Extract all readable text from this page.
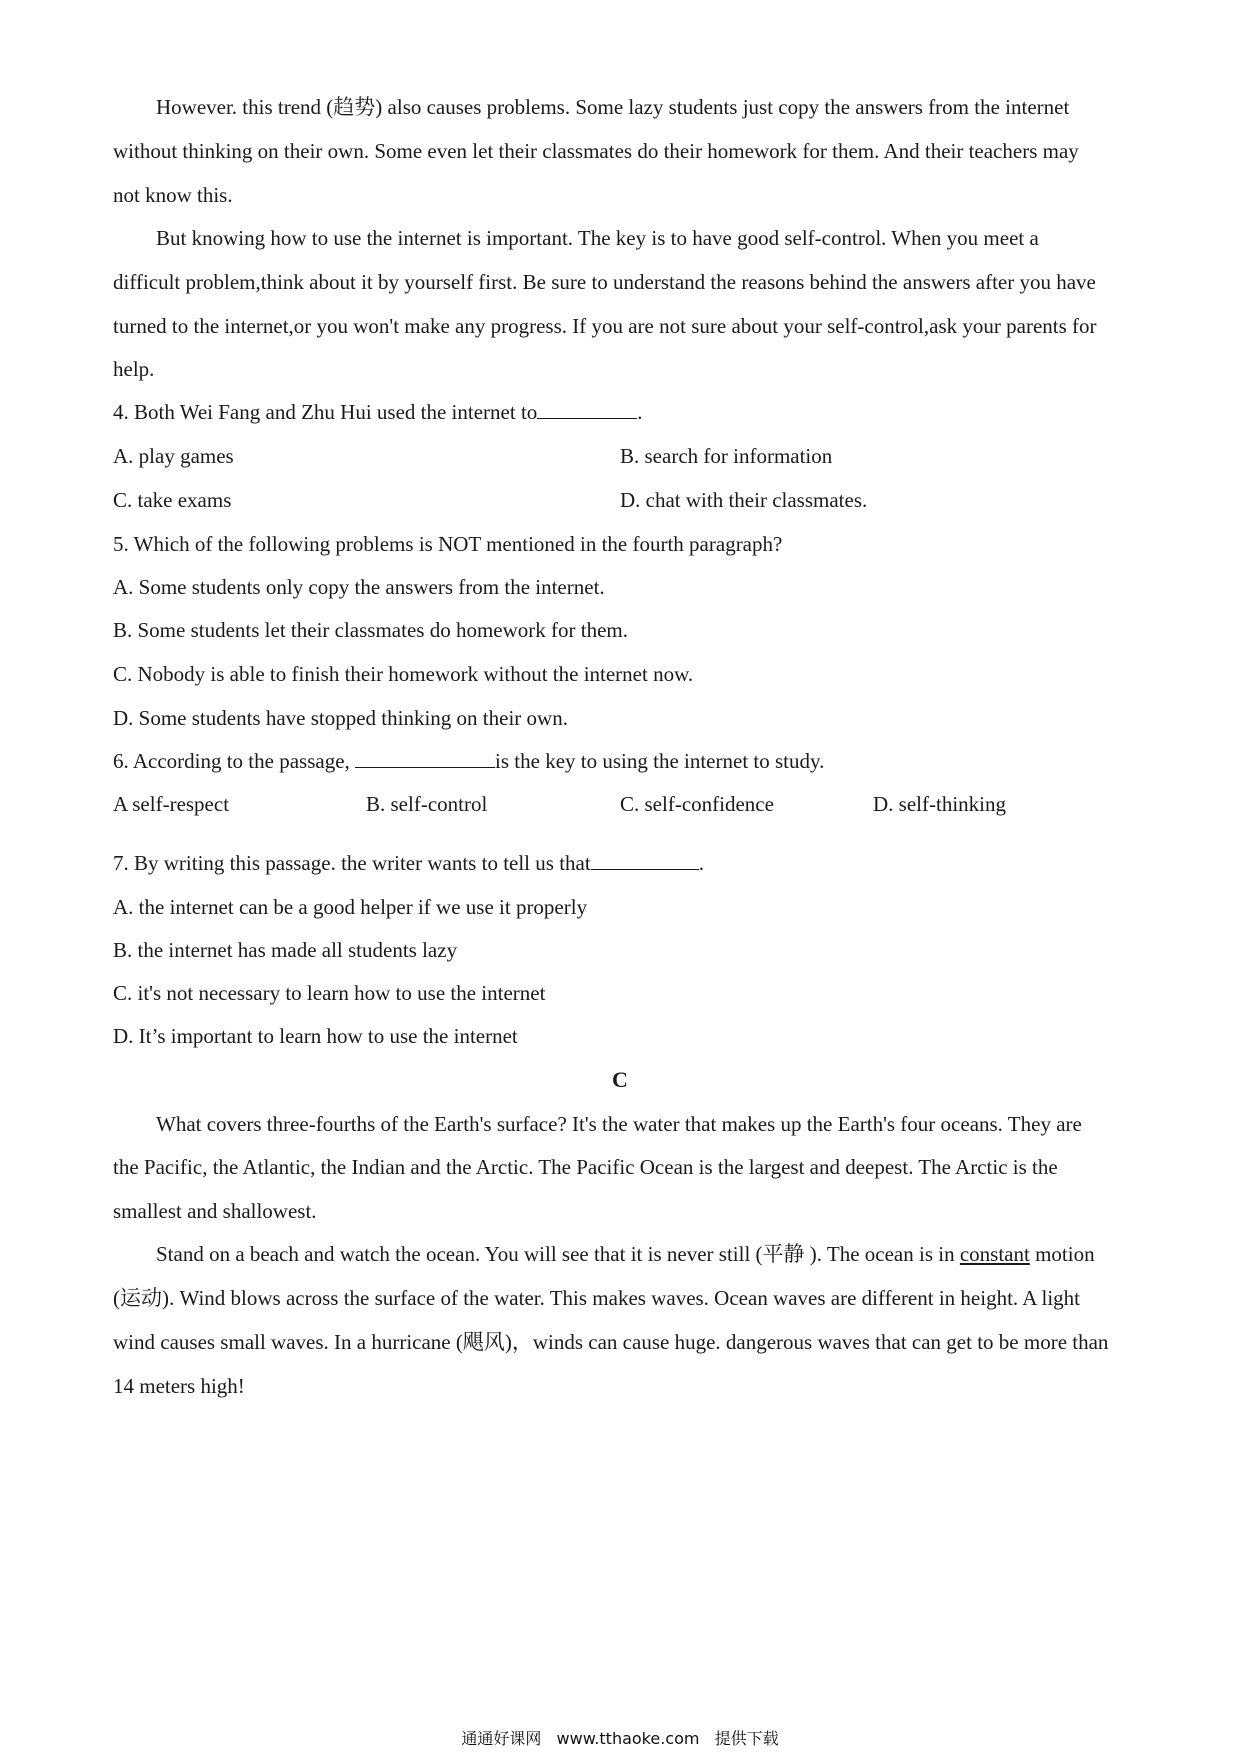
However. this trend (趋势) also causes problems. Some lazy students just copy the answers from the internet
without thinking on their own. Some even let their classmates do their homework for them. And their teachers may
not know this.
But knowing how to use the internet is important. The key is to have good self-control. When you meet a
difficult problem,think about it by yourself first. Be sure to understand the reasons behind the answers after you have
turned to the internet,or you won't make any progress. If you are not sure about your self-control,ask your parents for
help.
4. Both Wei Fang and Zhu Hui used the internet to	.
A. play games	B. search for information
C. take exams	D. chat with their classmates.
5. Which of the following problems is NOT mentioned in the fourth paragraph?
A. Some students only copy the answers from the internet.
B. Some students let their classmates do homework for them.
C. Nobody is able to finish their homework without the internet now.
D. Some students have stopped thinking on their own.
6. According to the passage,	is the key to using the internet to study.
A self-respect	B. self-control	C. self-confidence	D. self-thinking
7. By writing this passage. the writer wants to tell us that	.
A. the internet can be a good helper if we use it properly
B. the internet has made all students lazy
C. it's not necessary to learn how to use the internet
D. It’s important to learn how to use the internet
C
What covers three-fourths of the Earth's surface? It's the water that makes up the Earth's four oceans. They are
the Pacific, the Atlantic, the Indian and the Arctic. The Pacific Ocean is the largest and deepest. The Arctic is the
smallest and shallowest.
Stand on a beach and watch the ocean. You will see that it is never still (平静 ). The ocean is in constant motion
(运动). Wind blows across the surface of the water. This makes waves. Ocean waves are different in height. A light
wind causes small waves. In a hurricane (飓风)，winds can cause huge. dangerous waves that can get to be more than
14 meters high!
通通好课网 www.tthaoke.com 提供下载
